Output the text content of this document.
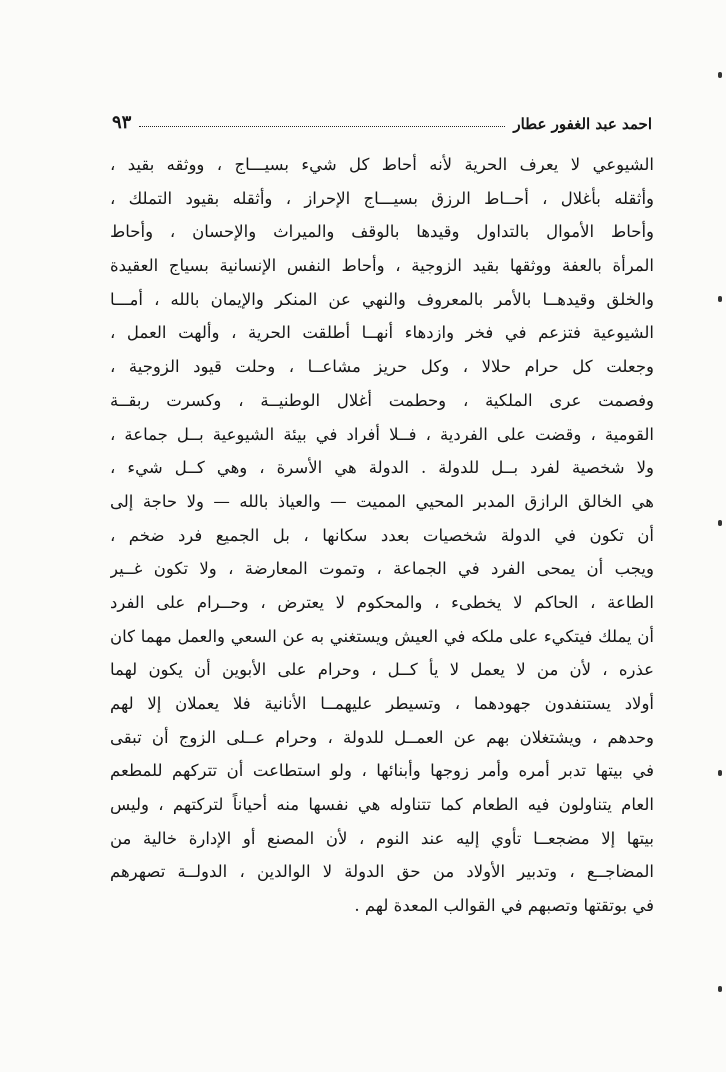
احمد عبد الغفور عطار
٩٣
الشيوعي لا يعرف الحرية لأنه أحاط كل شيء بسيـــاج ، ووثقه بقيد ،
وأثقله بأغلال ، أحــاط الرزق بسيـــاج الإحراز ، وأثقله بقيود التملك ،
وأحاط الأموال بالتداول وقيدها بالوقف والميراث والإحسان ، وأحاط
المرأة بالعفة ووثقها بقيد الزوجية ، وأحاط النفس الإنسانية بسياج العقيدة
والخلق وقيدهــا بالأمر بالمعروف والنهي عن المنكر والإيمان بالله ، أمـــا
الشيوعية فتزعم في فخر وازدهاء أنهــا أطلقت الحرية ، وألهت العمل ،
وجعلت كل حرام حلالا ، وكل حريز مشاعــا ، وحلت قيود الزوجية ،
وفصمت عرى الملكية ، وحطمت أغلال الوطنيــة ، وكسرت ربقــة
القومية ، وقضت على الفردية ، فــلا أفراد في بيئة الشيوعية بــل جماعة ،
ولا شخصية لفرد بــل للدولة . الدولة هي الأسرة ، وهي كــل شيء ،
هي الخالق الرازق المدبر المحيي المميت — والعياذ بالله — ولا حاجة إلى
أن تكون في الدولة شخصيات بعدد سكانها ، بل الجميع فرد ضخم ،
ويجب أن يمحى الفرد في الجماعة ، وتموت المعارضة ، ولا تكون غــير
الطاعة ، الحاكم لا يخطىء ، والمحكوم لا يعترض ، وحــرام على الفرد
أن يملك فيتكيء على ملكه في العيش ويستغني به عن السعي والعمل مهما كان
عذره ، لأن من لا يعمل لا يأ كــل ، وحرام على الأبوين أن يكون لهما
أولاد يستنفدون جهودهما ، وتسيطر عليهمــا الأنانية فلا يعملان إلا لهم
وحدهم ، ويشتغلان بهم عن العمــل للدولة ، وحرام عــلى الزوج أن تبقى
في بيتها تدبر أمره وأمر زوجها وأبنائها ، ولو استطاعت أن تتركهم للمطعم
العام يتناولون فيه الطعام كما تتناوله هي نفسها منه أحياناً لتركتهم ، وليس
بيتها إلا مضجعــا تأوي إليه عند النوم ، لأن المصنع أو الإدارة خالية من
المضاجــع ، وتدبير الأولاد من حق الدولة لا الوالدين ، الدولــة تصهرهم
في بوتقتها وتصبهم في القوالب المعدة لهم .
